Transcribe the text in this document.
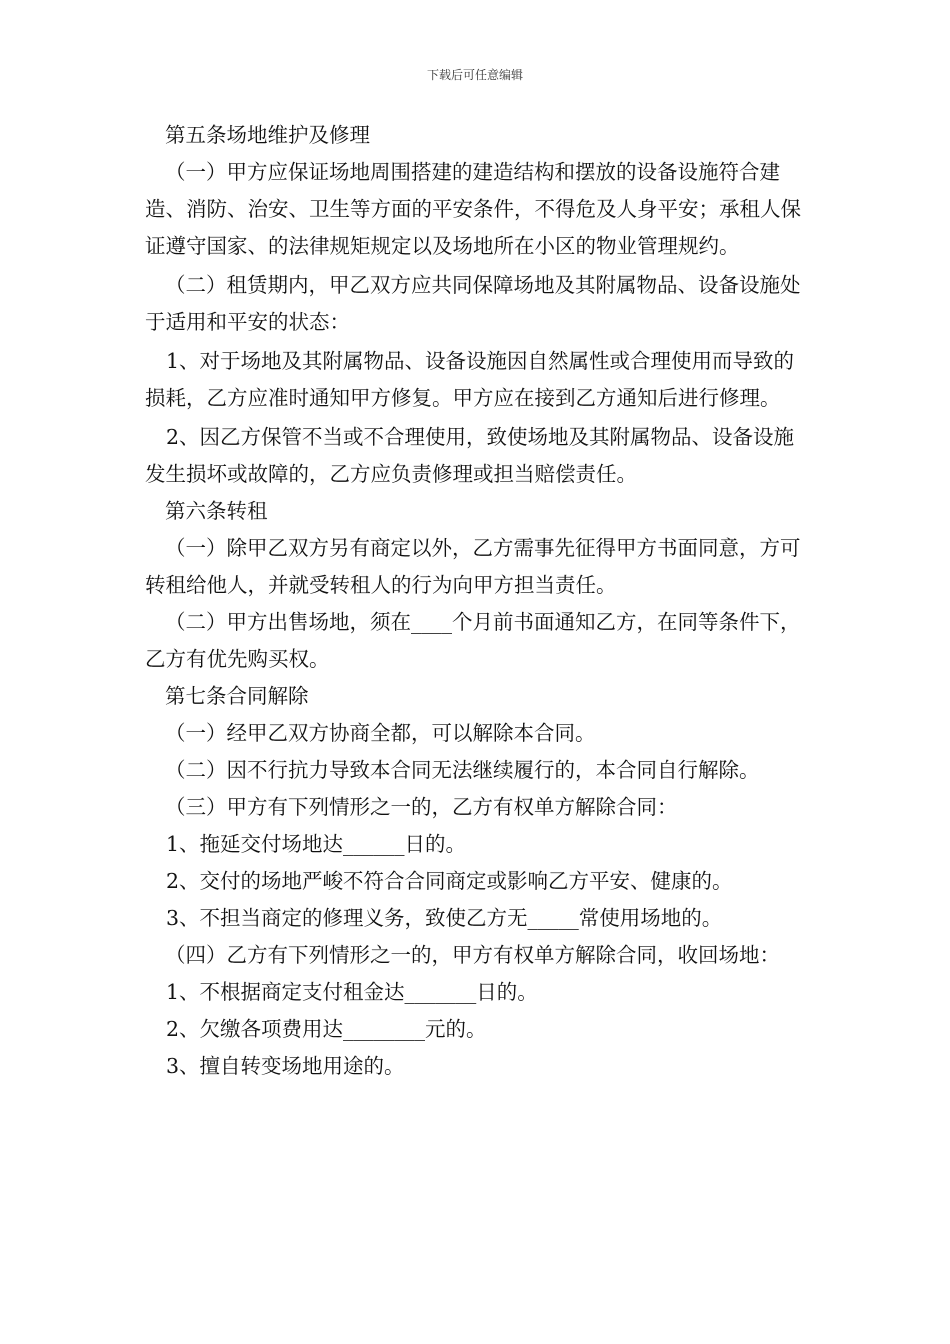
下载后可任意编辑

第五条场地维护及修理

（一）甲方应保证场地周围搭建的建造结构和摆放的设备设施符合建造、消防、治安、卫生等方面的平安条件，不得危及人身平安；承租人保证遵守国家、的法律规矩规定以及场地所在小区的物业管理规约。

（二）租赁期内，甲乙双方应共同保障场地及其附属物品、设备设施处于适用和平安的状态：

1、对于场地及其附属物品、设备设施因自然属性或合理使用而导致的损耗，乙方应准时通知甲方修复。甲方应在接到乙方通知后进行修理。

2、因乙方保管不当或不合理使用，致使场地及其附属物品、设备设施发生损坏或故障的，乙方应负责修理或担当赔偿责任。

第六条转租

（一）除甲乙双方另有商定以外，乙方需事先征得甲方书面同意，方可转租给他人，并就受转租人的行为向甲方担当责任。

（二）甲方出售场地，须在____个月前书面通知乙方，在同等条件下，乙方有优先购买权。

第七条合同解除

（一）经甲乙双方协商全都，可以解除本合同。

（二）因不行抗力导致本合同无法继续履行的，本合同自行解除。

（三）甲方有下列情形之一的，乙方有权单方解除合同：

1、拖延交付场地达______日的。

2、交付的场地严峻不符合合同商定或影响乙方平安、健康的。

3、不担当商定的修理义务，致使乙方无_____常使用场地的。

（四）乙方有下列情形之一的，甲方有权单方解除合同，收回场地：

1、不根据商定支付租金达_______日的。

2、欠缴各项费用达________元的。

3、擅自转变场地用途的。
